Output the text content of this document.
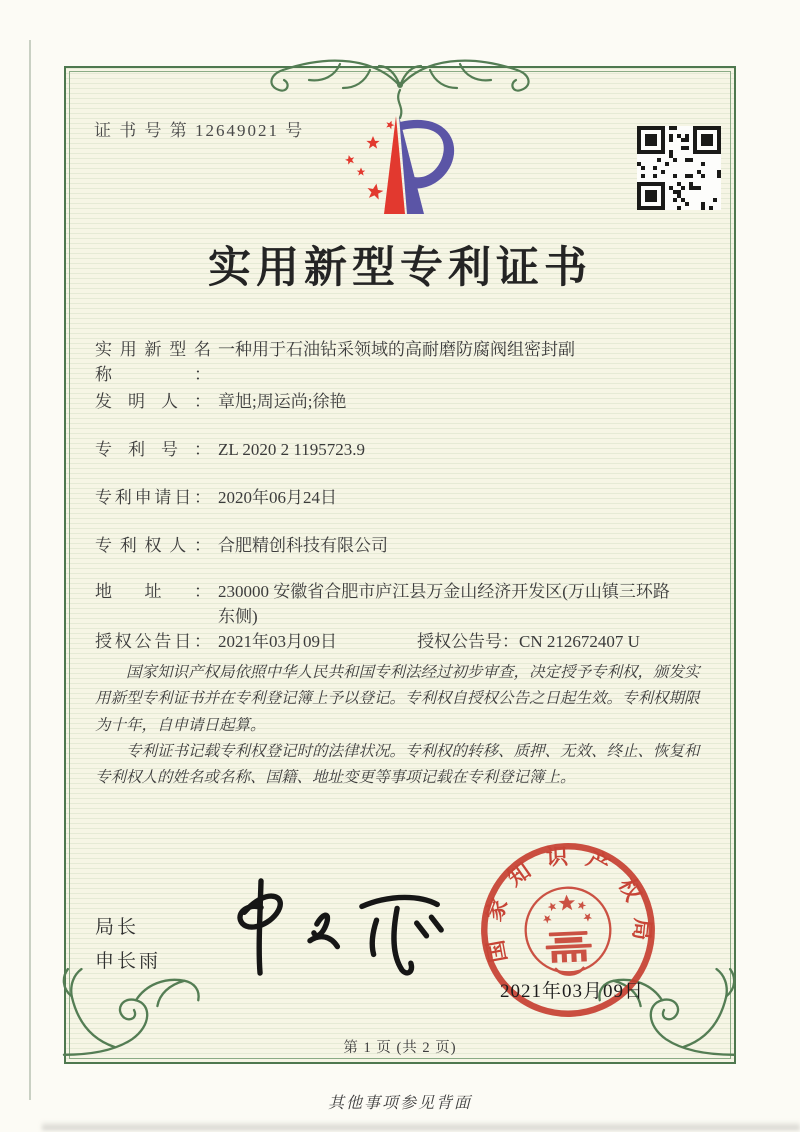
证 书 号 第 12649021 号
实用新型专利证书
实用新型名称：一种用于石油钻采领域的高耐磨防腐阀组密封副
发明人： 章旭;周运尚;徐艳
专利号： ZL 2020 2 1195723.9
专利申请日： 2020年06月24日
专利权人： 合肥精创科技有限公司
地址： 230000 安徽省合肥市庐江县万金山经济开发区(万山镇三环路东侧)
授权公告日： 2021年03月09日	授权公告号：CN 212672407 U

国家知识产权局依照中华人民共和国专利法经过初步审查，决定授予专利权，颁发实用新型专利证书并在专利登记簿上予以登记。专利权自授权公告之日起生效。专利权期限为十年，自申请日起算。

专利证书记载专利权登记时的法律状况。专利权的转移、质押、无效、终止、恢复和专利权人的姓名或名称、国籍、地址变更等事项记载在专利登记簿上。

局长
申长雨	国家知识产权局
2021年03月09日
第 1 页 (共 2 页)
其他事项参见背面
